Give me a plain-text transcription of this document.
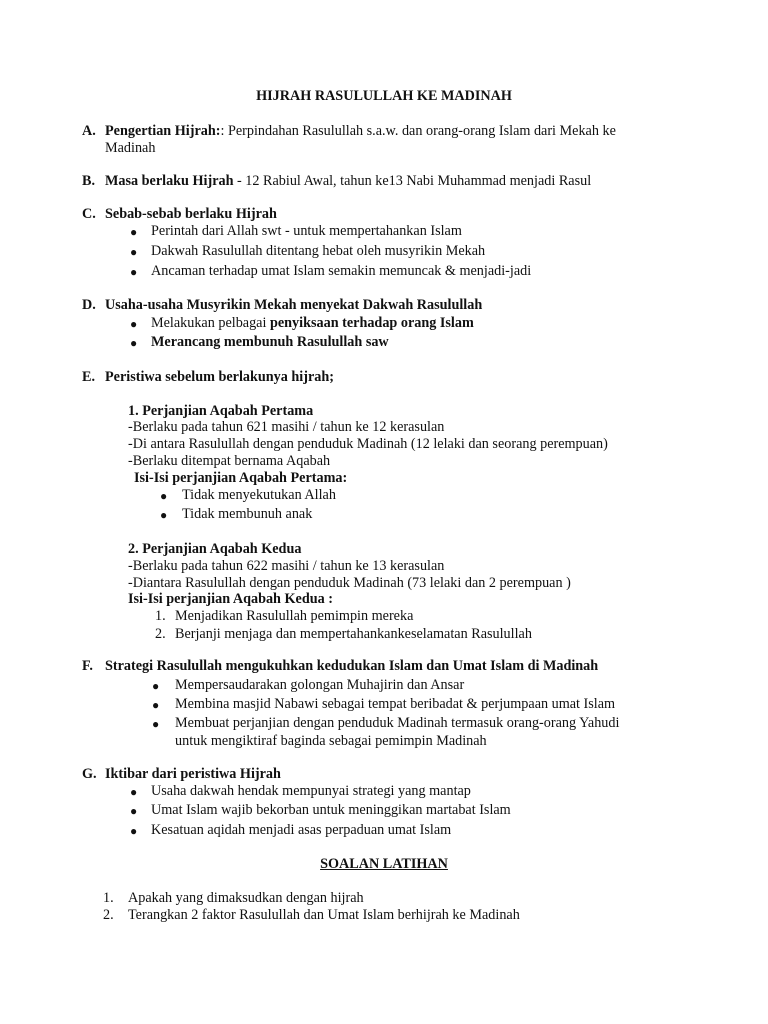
HIJRAH RASULULLAH KE MADINAH
A. Pengertian Hijrah:: Perpindahan Rasulullah s.a.w. dan orang-orang Islam dari Mekah ke
Madinah
B. Masa berlaku Hijrah - 12 Rabiul Awal, tahun ke13 Nabi Muhammad menjadi Rasul
C. Sebab-sebab berlaku Hijrah
● Perintah dari Allah swt - untuk mempertahankan Islam
● Dakwah Rasulullah ditentang hebat oleh musyrikin Mekah
● Ancaman terhadap umat Islam semakin memuncak & menjadi-jadi
D. Usaha-usaha Musyrikin Mekah menyekat Dakwah Rasulullah
● Melakukan pelbagai penyiksaan terhadap orang Islam
● Merancang membunuh Rasulullah saw
E. Peristiwa sebelum berlakunya hijrah;
1. Perjanjian Aqabah Pertama
-Berlaku pada tahun 621 masihi / tahun ke 12 kerasulan
-Di antara Rasulullah dengan penduduk Madinah (12 lelaki dan seorang perempuan)
-Berlaku ditempat bernama Aqabah
Isi-Isi perjanjian Aqabah Pertama:
● Tidak menyekutukan Allah
● Tidak membunuh anak
2. Perjanjian Aqabah Kedua
-Berlaku pada tahun 622 masihi / tahun ke 13 kerasulan
-Diantara Rasulullah dengan penduduk Madinah (73 lelaki dan 2 perempuan )
Isi-Isi perjanjian Aqabah Kedua :
1. Menjadikan Rasulullah pemimpin mereka
2. Berjanji menjaga dan mempertahankankeselamatan Rasulullah
F. Strategi Rasulullah mengukuhkan kedudukan Islam dan Umat Islam di Madinah
● Mempersaudarakan golongan Muhajirin dan Ansar
● Membina masjid Nabawi sebagai tempat beribadat & perjumpaan umat Islam
● Membuat perjanjian dengan penduduk Madinah termasuk orang-orang Yahudi
untuk mengiktiraf baginda sebagai pemimpin Madinah
G. Iktibar dari peristiwa Hijrah
● Usaha dakwah hendak mempunyai strategi yang mantap
● Umat Islam wajib bekorban untuk meninggikan martabat Islam
● Kesatuan aqidah menjadi asas perpaduan umat Islam
SOALAN LATIHAN
1. Apakah yang dimaksudkan dengan hijrah
2. Terangkan 2 faktor Rasulullah dan Umat Islam berhijrah ke Madinah
